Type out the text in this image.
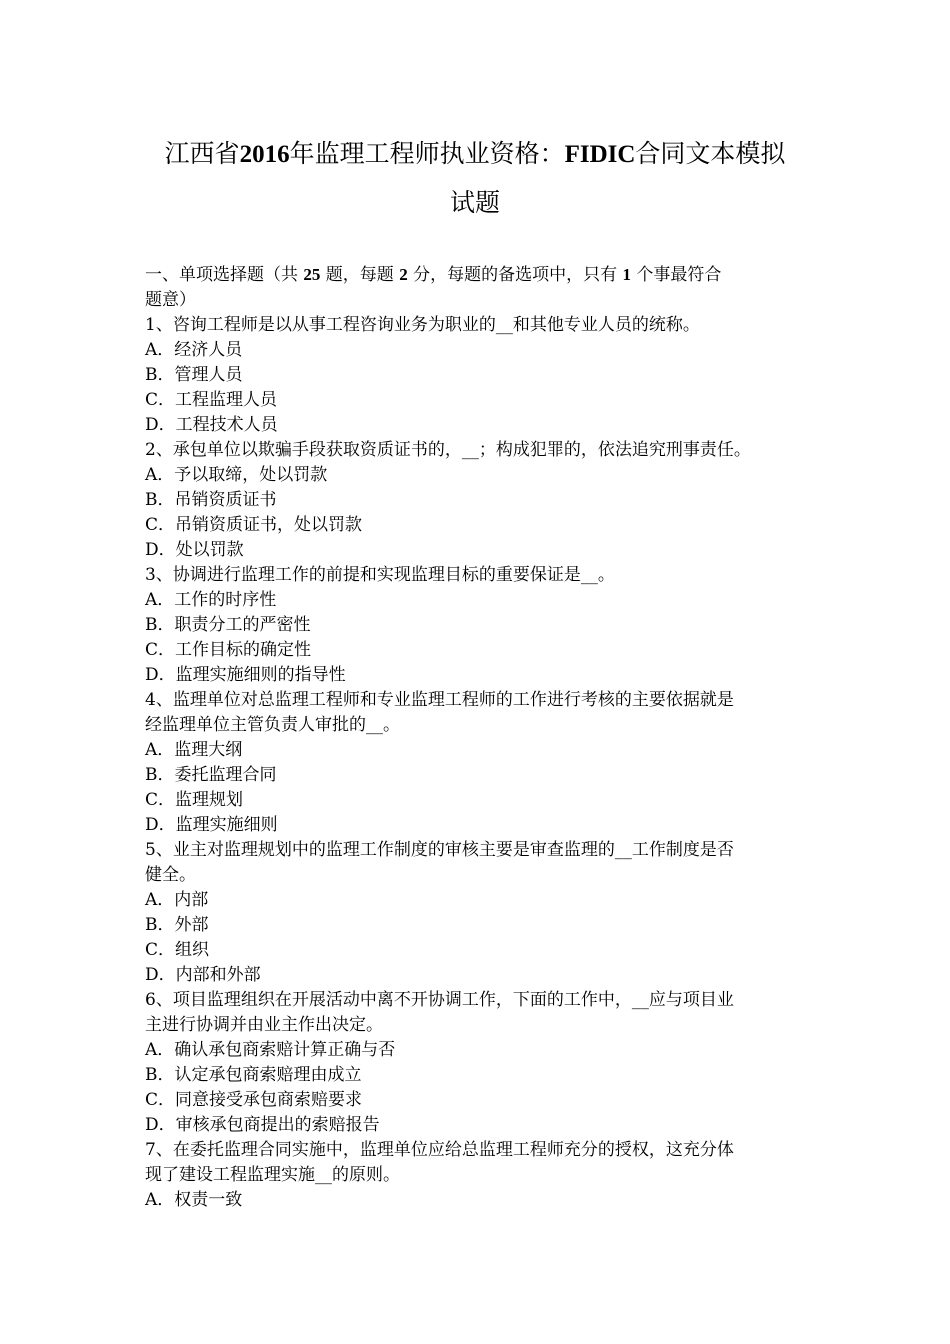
江西省2016年监理工程师执业资格：FIDIC合同文本模拟
试题

一、单项选择题（共 25 题，每题 2 分，每题的备选项中，只有 1 个事最符合

题意）

1、咨询工程师是以从事工程咨询业务为职业的__和其他专业人员的统称。

A．经济人员

B．管理人员

C．工程监理人员

D．工程技术人员

2、承包单位以欺骗手段获取资质证书的，__；构成犯罪的，依法追究刑事责任。

A．予以取缔，处以罚款

B．吊销资质证书

C．吊销资质证书，处以罚款

D．处以罚款

3、协调进行监理工作的前提和实现监理目标的重要保证是__。

A．工作的时序性

B．职责分工的严密性

C．工作目标的确定性

D．监理实施细则的指导性

4、监理单位对总监理工程师和专业监理工程师的工作进行考核的主要依据就是

经监理单位主管负责人审批的__。

A．监理大纲

B．委托监理合同

C．监理规划

D．监理实施细则

5、业主对监理规划中的监理工作制度的审核主要是审查监理的__工作制度是否

健全。

A．内部

B．外部

C．组织

D．内部和外部

6、项目监理组织在开展活动中离不开协调工作，下面的工作中，__应与项目业

主进行协调并由业主作出决定。

A．确认承包商索赔计算正确与否

B．认定承包商索赔理由成立

C．同意接受承包商索赔要求

D．审核承包商提出的索赔报告

7、在委托监理合同实施中，监理单位应给总监理工程师充分的授权，这充分体

现了建设工程监理实施__的原则。

A．权责一致
